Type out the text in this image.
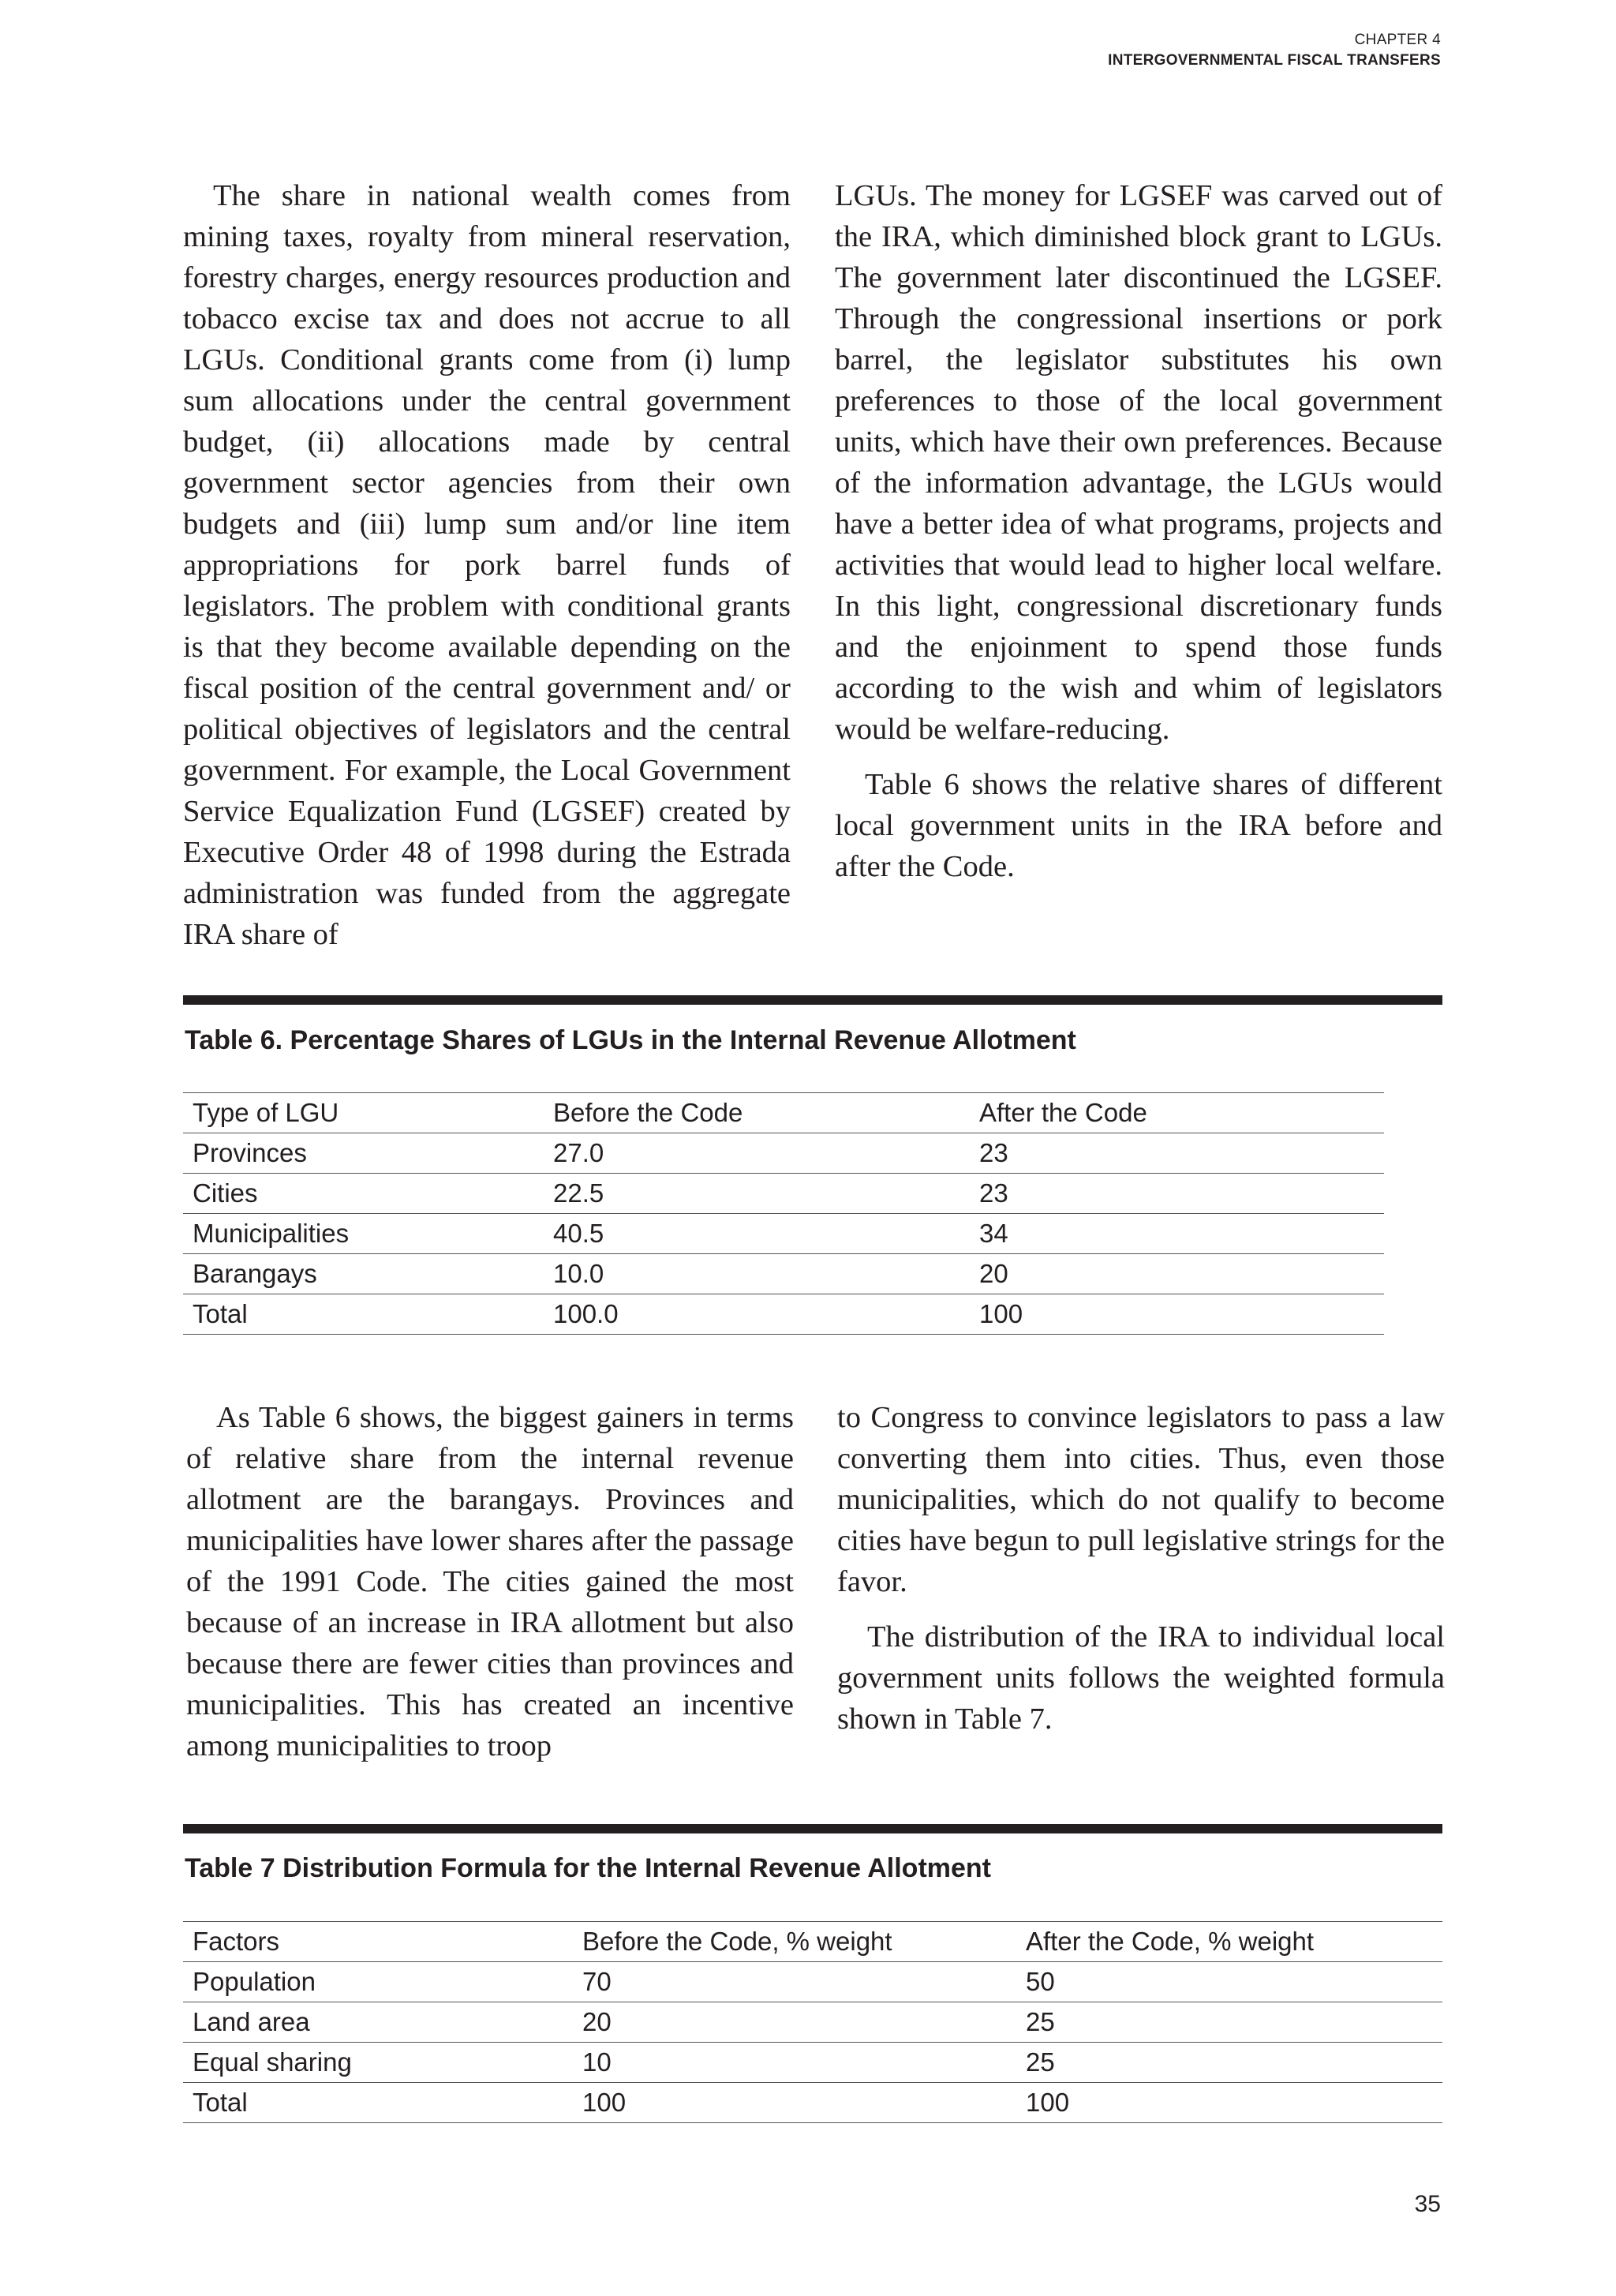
CHAPTER 4
INTERGOVERNMENTAL FISCAL TRANSFERS

The share in national wealth comes from mining taxes, royalty from mineral reservation, forestry charges, energy resources production and tobacco excise tax and does not accrue to all LGUs. Conditional grants come from (i) lump sum allocations under the central government budget, (ii) allocations made by central government sector agencies from their own budgets and (iii) lump sum and/or line item appropriations for pork barrel funds of legislators. The problem with conditional grants is that they become available depending on the fiscal position of the central government and/ or political objectives of legislators and the central government. For example, the Local Government Service Equalization Fund (LGSEF) created by Executive Order 48 of 1998 during the Estrada administration was funded from the aggregate IRA share of

LGUs. The money for LGSEF was carved out of the IRA, which diminished block grant to LGUs. The government later discontinued the LGSEF. Through the congressional insertions or pork barrel, the legislator substitutes his own preferences to those of the local government units, which have their own preferences. Because of the information advantage, the LGUs would have a better idea of what programs, projects and activities that would lead to higher local welfare. In this light, congressional discretionary funds and the enjoinment to spend those funds according to the wish and whim of legislators would be welfare-reducing.

Table 6 shows the relative shares of different local government units in the IRA before and after the Code.

Table 6. Percentage Shares of LGUs in the Internal Revenue Allotment
Type of LGU	Before the Code	After the Code
Provinces	27.0	23
Cities	22.5	23
Municipalities	40.5	34
Barangays	10.0	20
Total	100.0	100

As Table 6 shows, the biggest gainers in terms of relative share from the internal revenue allotment are the barangays. Provinces and municipalities have lower shares after the passage of the 1991 Code. The cities gained the most because of an increase in IRA allotment but also because there are fewer cities than provinces and municipalities. This has created an incentive among municipalities to troop

to Congress to convince legislators to pass a law converting them into cities. Thus, even those municipalities, which do not qualify to become cities have begun to pull legislative strings for the favor.

The distribution of the IRA to individual local government units follows the weighted formula shown in Table 7.

Table 7 Distribution Formula for the Internal Revenue Allotment
Factors	Before the Code, % weight	After the Code, % weight
Population	70	50
Land area	20	25
Equal sharing	10	25
Total	100	100
35
